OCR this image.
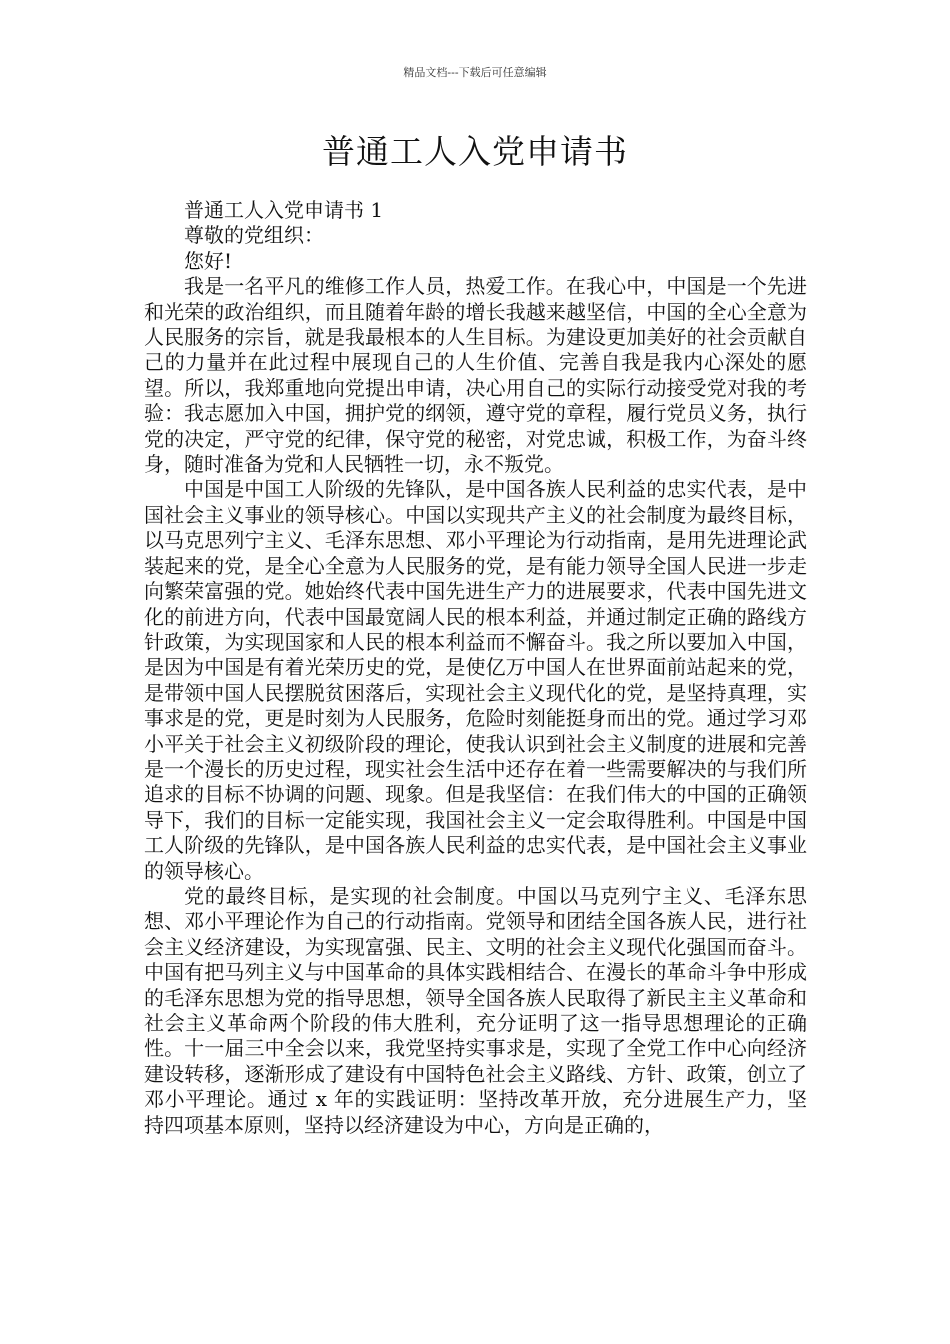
精品文档---下载后可任意编辑
普通工人入党申请书

普通工人入党申请书 1

尊敬的党组织：

您好!

我是一名平凡的维修工作人员，热爱工作。在我心中，中国是一个先进和光荣的政治组织，而且随着年龄的增长我越来越坚信，中国的全心全意为人民服务的宗旨，就是我最根本的人生目标。为建设更加美好的社会贡献自己的力量并在此过程中展现自己的人生价值、完善自我是我内心深处的愿望。所以，我郑重地向党提出申请，决心用自己的实际行动接受党对我的考验：我志愿加入中国，拥护党的纲领，遵守党的章程，履行党员义务，执行党的决定，严守党的纪律，保守党的秘密，对党忠诚，积极工作，为奋斗终身，随时准备为党和人民牺牲一切，永不叛党。

中国是中国工人阶级的先锋队，是中国各族人民利益的忠实代表，是中国社会主义事业的领导核心。中国以实现共产主义的社会制度为最终目标，以马克思列宁主义、毛泽东思想、邓小平理论为行动指南，是用先进理论武装起来的党，是全心全意为人民服务的党，是有能力领导全国人民进一步走向繁荣富强的党。她始终代表中国先进生产力的进展要求，代表中国先进文化的前进方向，代表中国最宽阔人民的根本利益，并通过制定正确的路线方针政策，为实现国家和人民的根本利益而不懈奋斗。我之所以要加入中国，是因为中国是有着光荣历史的党，是使亿万中国人在世界面前站起来的党，是带领中国人民摆脱贫困落后，实现社会主义现代化的党，是坚持真理，实事求是的党，更是时刻为人民服务，危险时刻能挺身而出的党。通过学习邓小平关于社会主义初级阶段的理论，使我认识到社会主义制度的进展和完善是一个漫长的历史过程，现实社会生活中还存在着一些需要解决的与我们所追求的目标不协调的问题、现象。但是我坚信：在我们伟大的中国的正确领导下，我们的目标一定能实现，我国社会主义一定会取得胜利。中国是中国工人阶级的先锋队，是中国各族人民利益的忠实代表，是中国社会主义事业的领导核心。

党的最终目标，是实现的社会制度。中国以马克列宁主义、毛泽东思想、邓小平理论作为自己的行动指南。党领导和团结全国各族人民，进行社会主义经济建设，为实现富强、民主、文明的社会主义现代化强国而奋斗。中国有把马列主义与中国革命的具体实践相结合、在漫长的革命斗争中形成的毛泽东思想为党的指导思想，领导全国各族人民取得了新民主主义革命和社会主义革命两个阶段的伟大胜利，充分证明了这一指导思想理论的正确性。十一届三中全会以来，我党坚持实事求是，实现了全党工作中心向经济建设转移，逐渐形成了建设有中国特色社会主义路线、方针、政策，创立了邓小平理论。通过 x 年的实践证明：坚持改革开放，充分进展生产力，坚持四项基本原则，坚持以经济建设为中心，方向是正确的，
